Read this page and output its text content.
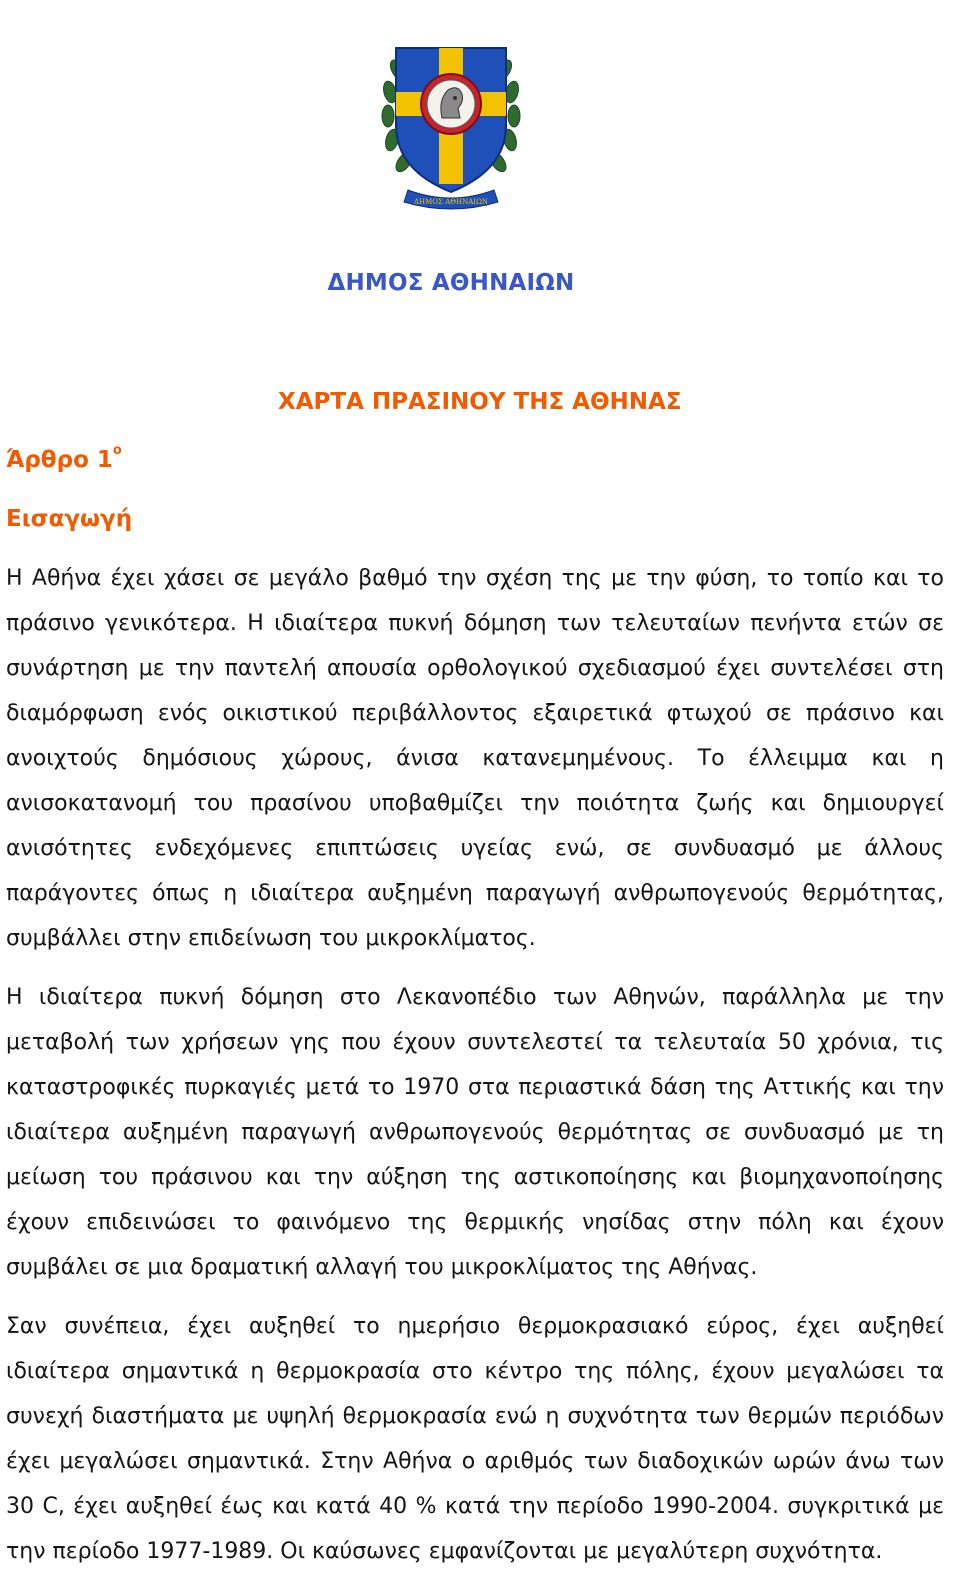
ΔΗΜΟΣ ΑΘΗΝΑΙΩΝ
ΔΗΜΟΣ ΑΘΗΝΑΙΩΝ
ΧΑΡΤΑ ΠΡΑΣΙΝΟΥ ΤΗΣ ΑΘΗΝΑΣ
Άρθρο $1^o$
Εισαγωγή

Η Αθήνα έχει χάσει σε μεγάλο βαθμό την σχέση της με την φύση, το τοπίο και το πράσινο γενικότερα. Η ιδιαίτερα πυκνή δόμηση των τελευταίων πενήντα ετών σε συνάρτηση με την παντελή απουσία ορθολογικού σχεδιασμού έχει συντελέσει στη διαμόρφωση ενός οικιστικού περιβάλλοντος εξαιρετικά φτωχού σε πράσινο και ανοιχτούς δημόσιους χώρους, άνισα κατανεμημένους. Το έλλειμμα και η ανισοκατανομή του πρασίνου υποβαθμίζει την ποιότητα ζωής και δημιουργεί ανισότητες ενδεχόμενες επιπτώσεις υγείας ενώ, σε συνδυασμό με άλλους παράγοντες όπως η ιδιαίτερα αυξημένη παραγωγή ανθρωπογενούς θερμότητας, συμβάλλει στην επιδείνωση του μικροκλίματος.

Η ιδιαίτερα πυκνή δόμηση στο Λεκανοπέδιο των Αθηνών, παράλληλα με την μεταβολή των χρήσεων γης που έχουν συντελεστεί τα τελευταία 50 χρόνια, τις καταστροφικές πυρκαγιές μετά το 1970 στα περιαστικά δάση της Αττικής και την ιδιαίτερα αυξημένη παραγωγή ανθρωπογενούς θερμότητας σε συνδυασμό με τη μείωση του πράσινου και την αύξηση της αστικοποίησης και βιομηχανοποίησης έχουν επιδεινώσει το φαινόμενο της θερμικής νησίδας στην πόλη και έχουν συμβάλει σε μια δραματική αλλαγή του μικροκλίματος της Αθήνας.

Σαν συνέπεια, έχει αυξηθεί το ημερήσιο θερμοκρασιακό εύρος, έχει αυξηθεί ιδιαίτερα σημαντικά η θερμοκρασία στο κέντρο της πόλης, έχουν μεγαλώσει τα συνεχή διαστήματα με υψηλή θερμοκρασία ενώ η συχνότητα των θερμών περιόδων έχει μεγαλώσει σημαντικά. Στην Αθήνα ο αριθμός των διαδοχικών ωρών άνω των 30 C, έχει αυξηθεί έως και κατά 40 % κατά την περίοδο 1990-2004. συγκριτικά με την περίοδο 1977-1989. Οι καύσωνες εμφανίζονται με μεγαλύτερη συχνότητα.
